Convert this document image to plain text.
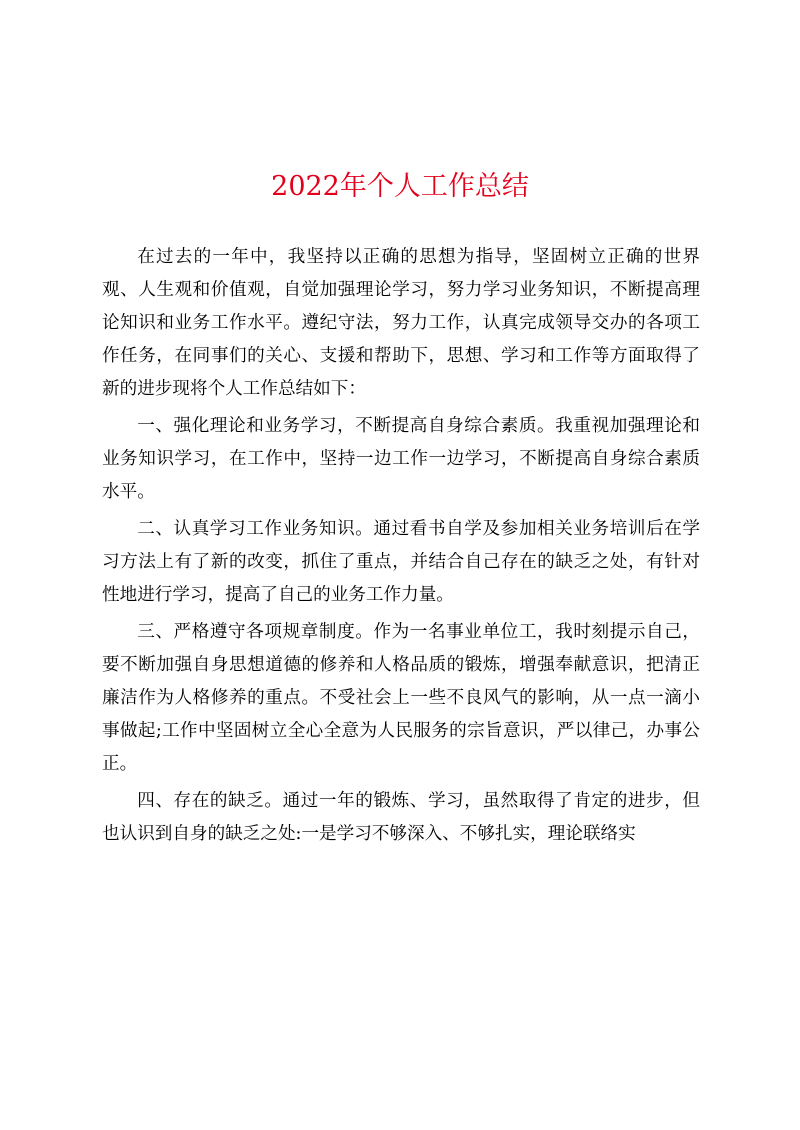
2022年个人工作总结

在过去的一年中，我坚持以正确的思想为指导，坚固树立正确的世界观、人生观和价值观，自觉加强理论学习，努力学习业务知识，不断提高理论知识和业务工作水平。遵纪守法，努力工作，认真完成领导交办的各项工作任务，在同事们的关心、支援和帮助下，思想、学习和工作等方面取得了新的进步现将个人工作总结如下：

一、强化理论和业务学习，不断提高自身综合素质。我重视加强理论和业务知识学习，在工作中，坚持一边工作一边学习，不断提高自身综合素质水平。

二、认真学习工作业务知识。通过看书自学及参加相关业务培训后在学习方法上有了新的改变，抓住了重点，并结合自己存在的缺乏之处，有针对性地进行学习，提高了自己的业务工作力量。

三、严格遵守各项规章制度。作为一名事业单位工，我时刻提示自己，要不断加强自身思想道德的修养和人格品质的锻炼，增强奉献意识，把清正廉洁作为人格修养的重点。不受社会上一些不良风气的影响，从一点一滴小事做起;工作中坚固树立全心全意为人民服务的宗旨意识，严以律己，办事公正。

四、存在的缺乏。通过一年的锻炼、学习，虽然取得了肯定的进步，但也认识到自身的缺乏之处:一是学习不够深入、不够扎实，理论联络实
